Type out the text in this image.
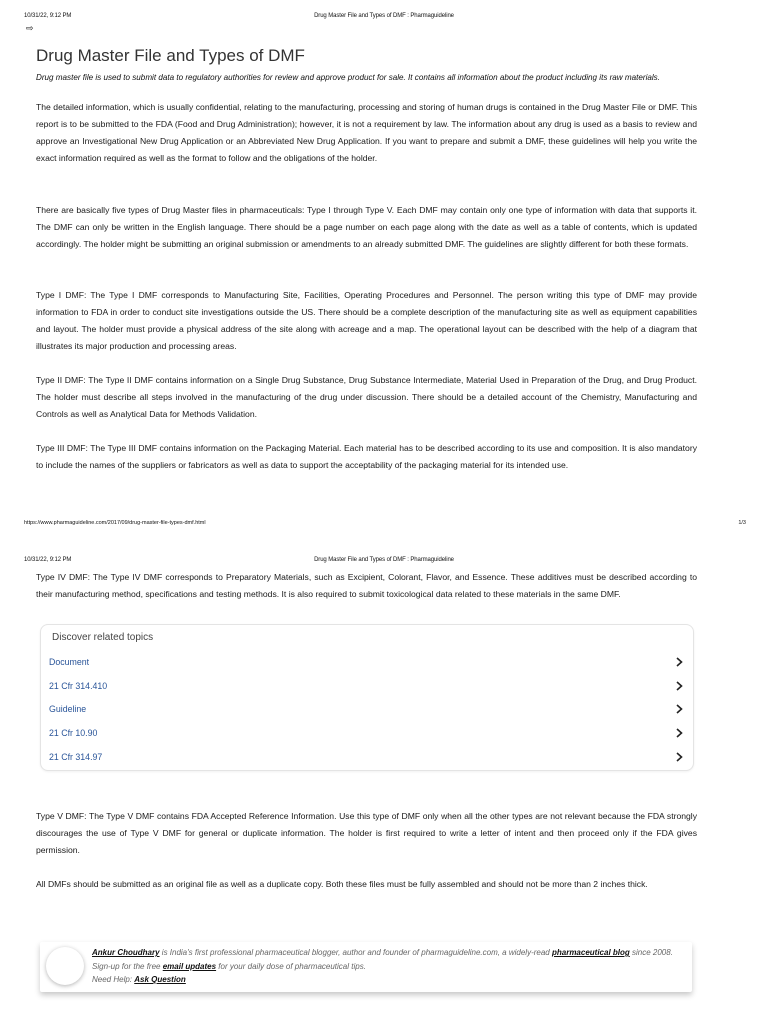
10/31/22, 9:12 PM	Drug Master File and Types of DMF : Pharmaguideline
⇨
Drug Master File and Types of DMF

Drug master file is used to submit data to regulatory authorities for review and approve product for sale. It contains all information about the product including its raw materials.

The detailed information, which is usually confidential, relating to the manufacturing, processing and storing of human drugs is contained in the Drug Master File or DMF. This report is to be submitted to the FDA (Food and Drug Administration); however, it is not a requirement by law. The information about any drug is used as a basis to review and approve an Investigational New Drug Application or an Abbreviated New Drug Application. If you want to prepare and submit a DMF, these guidelines will help you write the exact information required as well as the format to follow and the obligations of the holder.

There are basically five types of Drug Master files in pharmaceuticals: Type I through Type V. Each DMF may contain only one type of information with data that supports it. The DMF can only be written in the English language. There should be a page number on each page along with the date as well as a table of contents, which is updated accordingly. The holder might be submitting an original submission or amendments to an already submitted DMF. The guidelines are slightly different for both these formats.

Type I DMF: The Type I DMF corresponds to Manufacturing Site, Facilities, Operating Procedures and Personnel. The person writing this type of DMF may provide information to FDA in order to conduct site investigations outside the US. There should be a complete description of the manufacturing site as well as equipment capabilities and layout. The holder must provide a physical address of the site along with acreage and a map. The operational layout can be described with the help of a diagram that illustrates its major production and processing areas.

Type II DMF: The Type II DMF contains information on a Single Drug Substance, Drug Substance Intermediate, Material Used in Preparation of the Drug, and Drug Product. The holder must describe all steps involved in the manufacturing of the drug under discussion. There should be a detailed account of the Chemistry, Manufacturing and Controls as well as Analytical Data for Methods Validation.

Type III DMF: The Type III DMF contains information on the Packaging Material. Each material has to be described according to its use and composition. It is also mandatory to include the names of the suppliers or fabricators as well as data to support the acceptability of the packaging material for its intended use.

https://www.pharmaguideline.com/2017/09/drug-master-file-types-dmf.html	1/3
10/31/22, 9:12 PM	Drug Master File and Types of DMF : Pharmaguideline

Type IV DMF: The Type IV DMF corresponds to Preparatory Materials, such as Excipient, Colorant, Flavor, and Essence. These additives must be described according to their manufacturing method, specifications and testing methods. It is also required to submit toxicological data related to these materials in the same DMF.

Discover related topics
Document
21 Cfr 314.410
Guideline
21 Cfr 10.90
21 Cfr 314.97

Type V DMF: The Type V DMF contains FDA Accepted Reference Information. Use this type of DMF only when all the other types are not relevant because the FDA strongly discourages the use of Type V DMF for general or duplicate information. The holder is first required to write a letter of intent and then proceed only if the FDA gives permission.

All DMFs should be submitted as an original file as well as a duplicate copy. Both these files must be fully assembled and should not be more than 2 inches thick.

Ankur Choudhary is India's first professional pharmaceutical blogger, author and founder of pharmaguideline.com, a widely-read pharmaceutical blog since 2008. Sign-up for the free email updates for your daily dose of pharmaceutical tips.
Need Help: Ask Question
